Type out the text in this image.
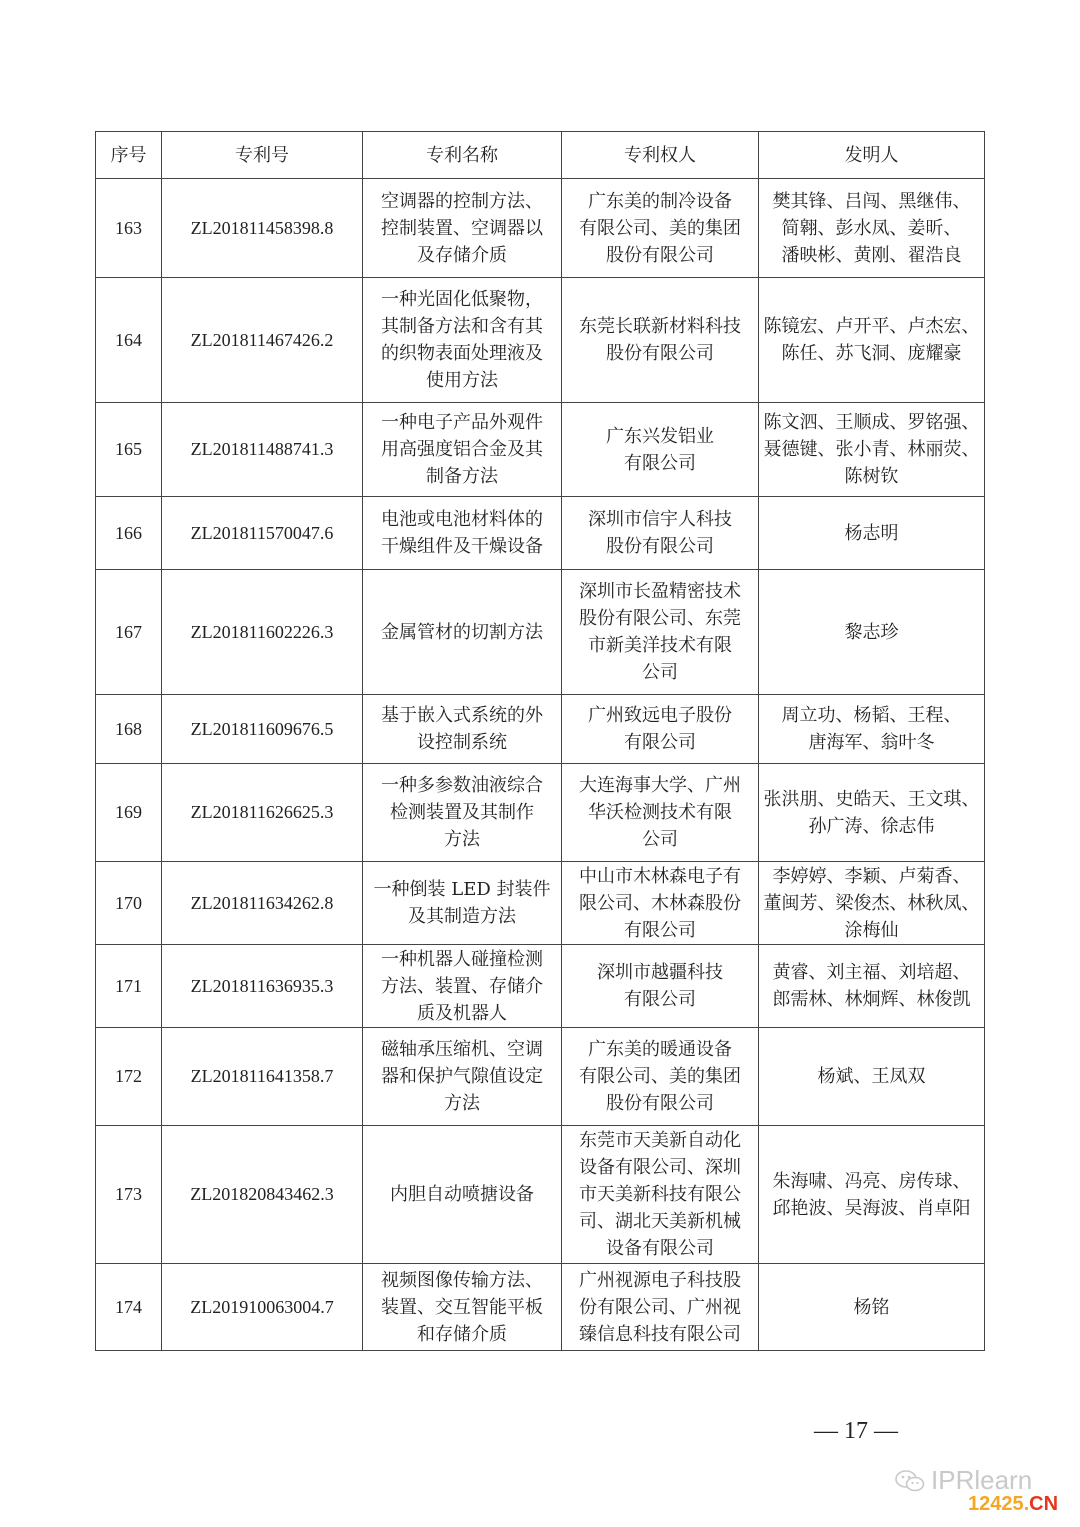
序号	专利号	专利名称	专利权人	发明人
163	ZL201811458398.8	空调器的控制方法、
控制装置、空调器以
及存储介质	广东美的制冷设备
有限公司、美的集团
股份有限公司	樊其锋、吕闯、黑继伟、
简翱、彭水凤、姜昕、
潘映彬、黄刚、翟浩良
164	ZL201811467426.2	一种光固化低聚物，
其制备方法和含有其
的织物表面处理液及
使用方法	东莞长联新材料科技
股份有限公司	陈镜宏、卢开平、卢杰宏、
陈任、苏飞洞、庞耀豪
165	ZL201811488741.3	一种电子产品外观件
用高强度铝合金及其
制备方法	广东兴发铝业
有限公司	陈文泗、王顺成、罗铭强、
聂德键、张小青、林丽荧、
陈树钦
166	ZL201811570047.6	电池或电池材料体的
干燥组件及干燥设备	深圳市信宇人科技
股份有限公司	杨志明
167	ZL201811602226.3	金属管材的切割方法	深圳市长盈精密技术
股份有限公司、东莞
市新美洋技术有限
公司	黎志珍
168	ZL201811609676.5	基于嵌入式系统的外
设控制系统	广州致远电子股份
有限公司	周立功、杨韬、王程、
唐海军、翁叶冬
169	ZL201811626625.3	一种多参数油液综合
检测装置及其制作
方法	大连海事大学、广州
华沃检测技术有限
公司	张洪朋、史皓天、王文琪、
孙广涛、徐志伟
170	ZL201811634262.8	一种倒装 LED 封装件
及其制造方法	中山市木林森电子有
限公司、木林森股份
有限公司	李婷婷、李颖、卢菊香、
董闽芳、梁俊杰、林秋凤、
涂梅仙
171	ZL201811636935.3	一种机器人碰撞检测
方法、装置、存储介
质及机器人	深圳市越疆科技
有限公司	黄睿、刘主福、刘培超、
郎需林、林炯辉、林俊凯
172	ZL201811641358.7	磁轴承压缩机、空调
器和保护气隙值设定
方法	广东美的暖通设备
有限公司、美的集团
股份有限公司	杨斌、王凤双
173	ZL201820843462.3	内胆自动喷搪设备	东莞市天美新自动化
设备有限公司、深圳
市天美新科技有限公
司、湖北天美新机械
设备有限公司	朱海啸、冯亮、房传球、
邱艳波、吴海波、肖卓阳
174	ZL201910063004.7	视频图像传输方法、
装置、交互智能平板
和存储介质	广州视源电子科技股
份有限公司、广州视
臻信息科技有限公司	杨铭
— 17 —
IPRlearn
12425.CN
